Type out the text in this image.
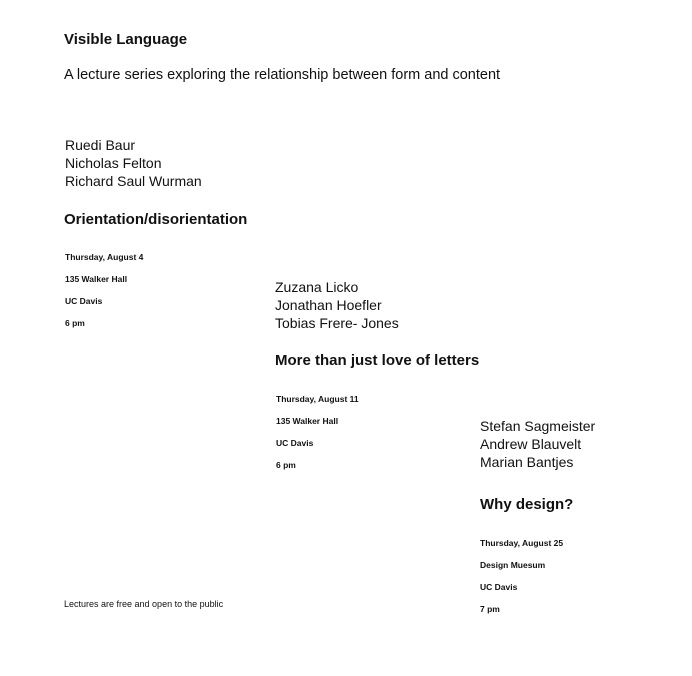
Visible Language
A lecture series exploring the relationship between form and content
Ruedi Baur
Nicholas Felton
Richard Saul Wurman
Orientation/disorientation
Thursday, August 4
135 Walker Hall
UC Davis
6 pm
Zuzana Licko
Jonathan Hoefler
Tobias Frere- Jones
More than just love of letters
Thursday, August 11
135 Walker Hall
UC Davis
6 pm
Stefan Sagmeister
Andrew Blauvelt
Marian Bantjes
Why design?
Thursday, August 25
Design Muesum
UC Davis
7 pm
Lectures are free and open to the public
